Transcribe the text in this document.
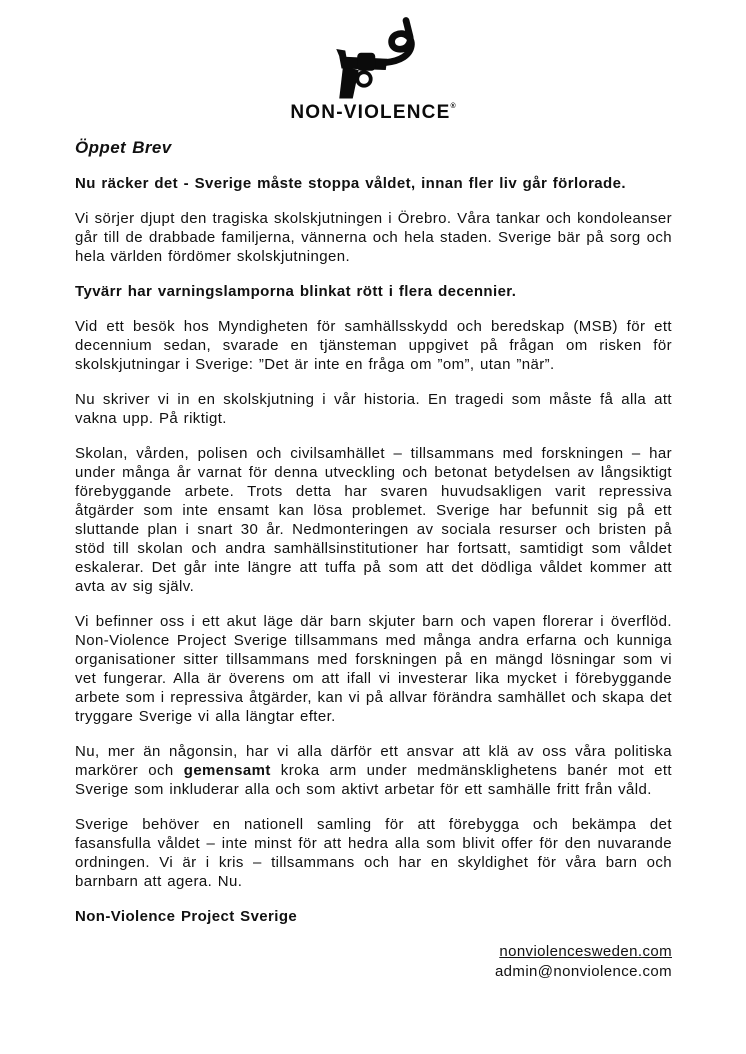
NON-VIOLENCE®
Öppet Brev

Nu räcker det - Sverige måste stoppa våldet, innan fler liv går förlorade.

Vi sörjer djupt den tragiska skolskjutningen i Örebro. Våra tankar och kondoleanser går till de drabbade familjerna, vännerna och hela staden. Sverige bär på sorg och hela världen fördömer skolskjutningen.

Tyvärr har varningslamporna blinkat rött i flera decennier.

Vid ett besök hos Myndigheten för samhällsskydd och beredskap (MSB) för ett decennium sedan, svarade en tjänsteman uppgivet på frågan om risken för skolskjutningar i Sverige: ”Det är inte en fråga om ”om”, utan ”när”.

Nu skriver vi in en skolskjutning i vår historia. En tragedi som måste få alla att vakna upp. På riktigt.

Skolan, vården, polisen och civilsamhället – tillsammans med forskningen – har under många år varnat för denna utveckling och betonat betydelsen av långsiktigt förebyggande arbete. Trots detta har svaren huvudsakligen varit repressiva åtgärder som inte ensamt kan lösa problemet. Sverige har befunnit sig på ett sluttande plan i snart 30 år. Nedmonteringen av sociala resurser och bristen på stöd till skolan och andra samhällsinstitutioner har fortsatt, samtidigt som våldet eskalerar. Det går inte längre att tuffa på som att det dödliga våldet kommer att avta av sig själv.

Vi befinner oss i ett akut läge där barn skjuter barn och vapen florerar i överflöd. Non-Violence Project Sverige tillsammans med många andra erfarna och kunniga organisationer sitter tillsammans med forskningen på en mängd lösningar som vi vet fungerar. Alla är överens om att ifall vi investerar lika mycket i förebyggande arbete som i repressiva åtgärder, kan vi på allvar förändra samhället och skapa det tryggare Sverige vi alla längtar efter.

Nu, mer än någonsin, har vi alla därför ett ansvar att klä av oss våra politiska markörer och gemensamt kroka arm under medmänsklighetens banér mot ett Sverige som inkluderar alla och som aktivt arbetar för ett samhälle fritt från våld.

Sverige behöver en nationell samling för att förebygga och bekämpa det fasansfulla våldet – inte minst för att hedra alla som blivit offer för den nuvarande ordningen. Vi är i kris – tillsammans och har en skyldighet för våra barn och barnbarn att agera. Nu.

Non-Violence Project Sverige

nonviolencesweden.com
admin@nonviolence.com
